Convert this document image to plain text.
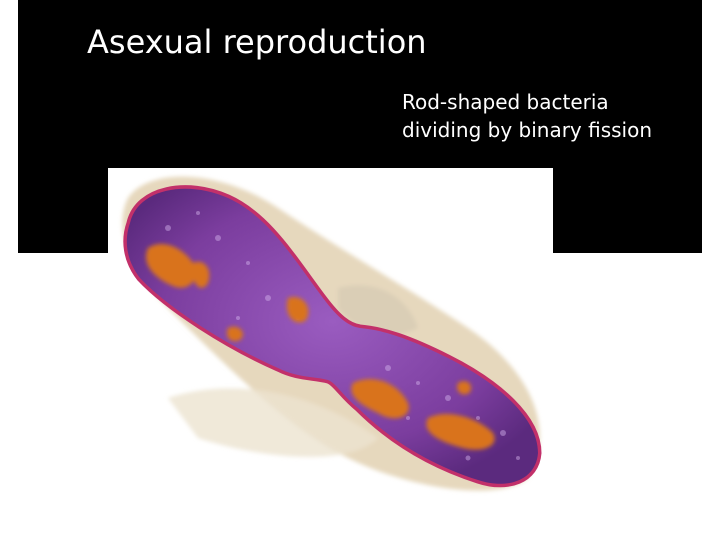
Asexual reproduction
Rod-shaped bacteria
dividing by binary fission
